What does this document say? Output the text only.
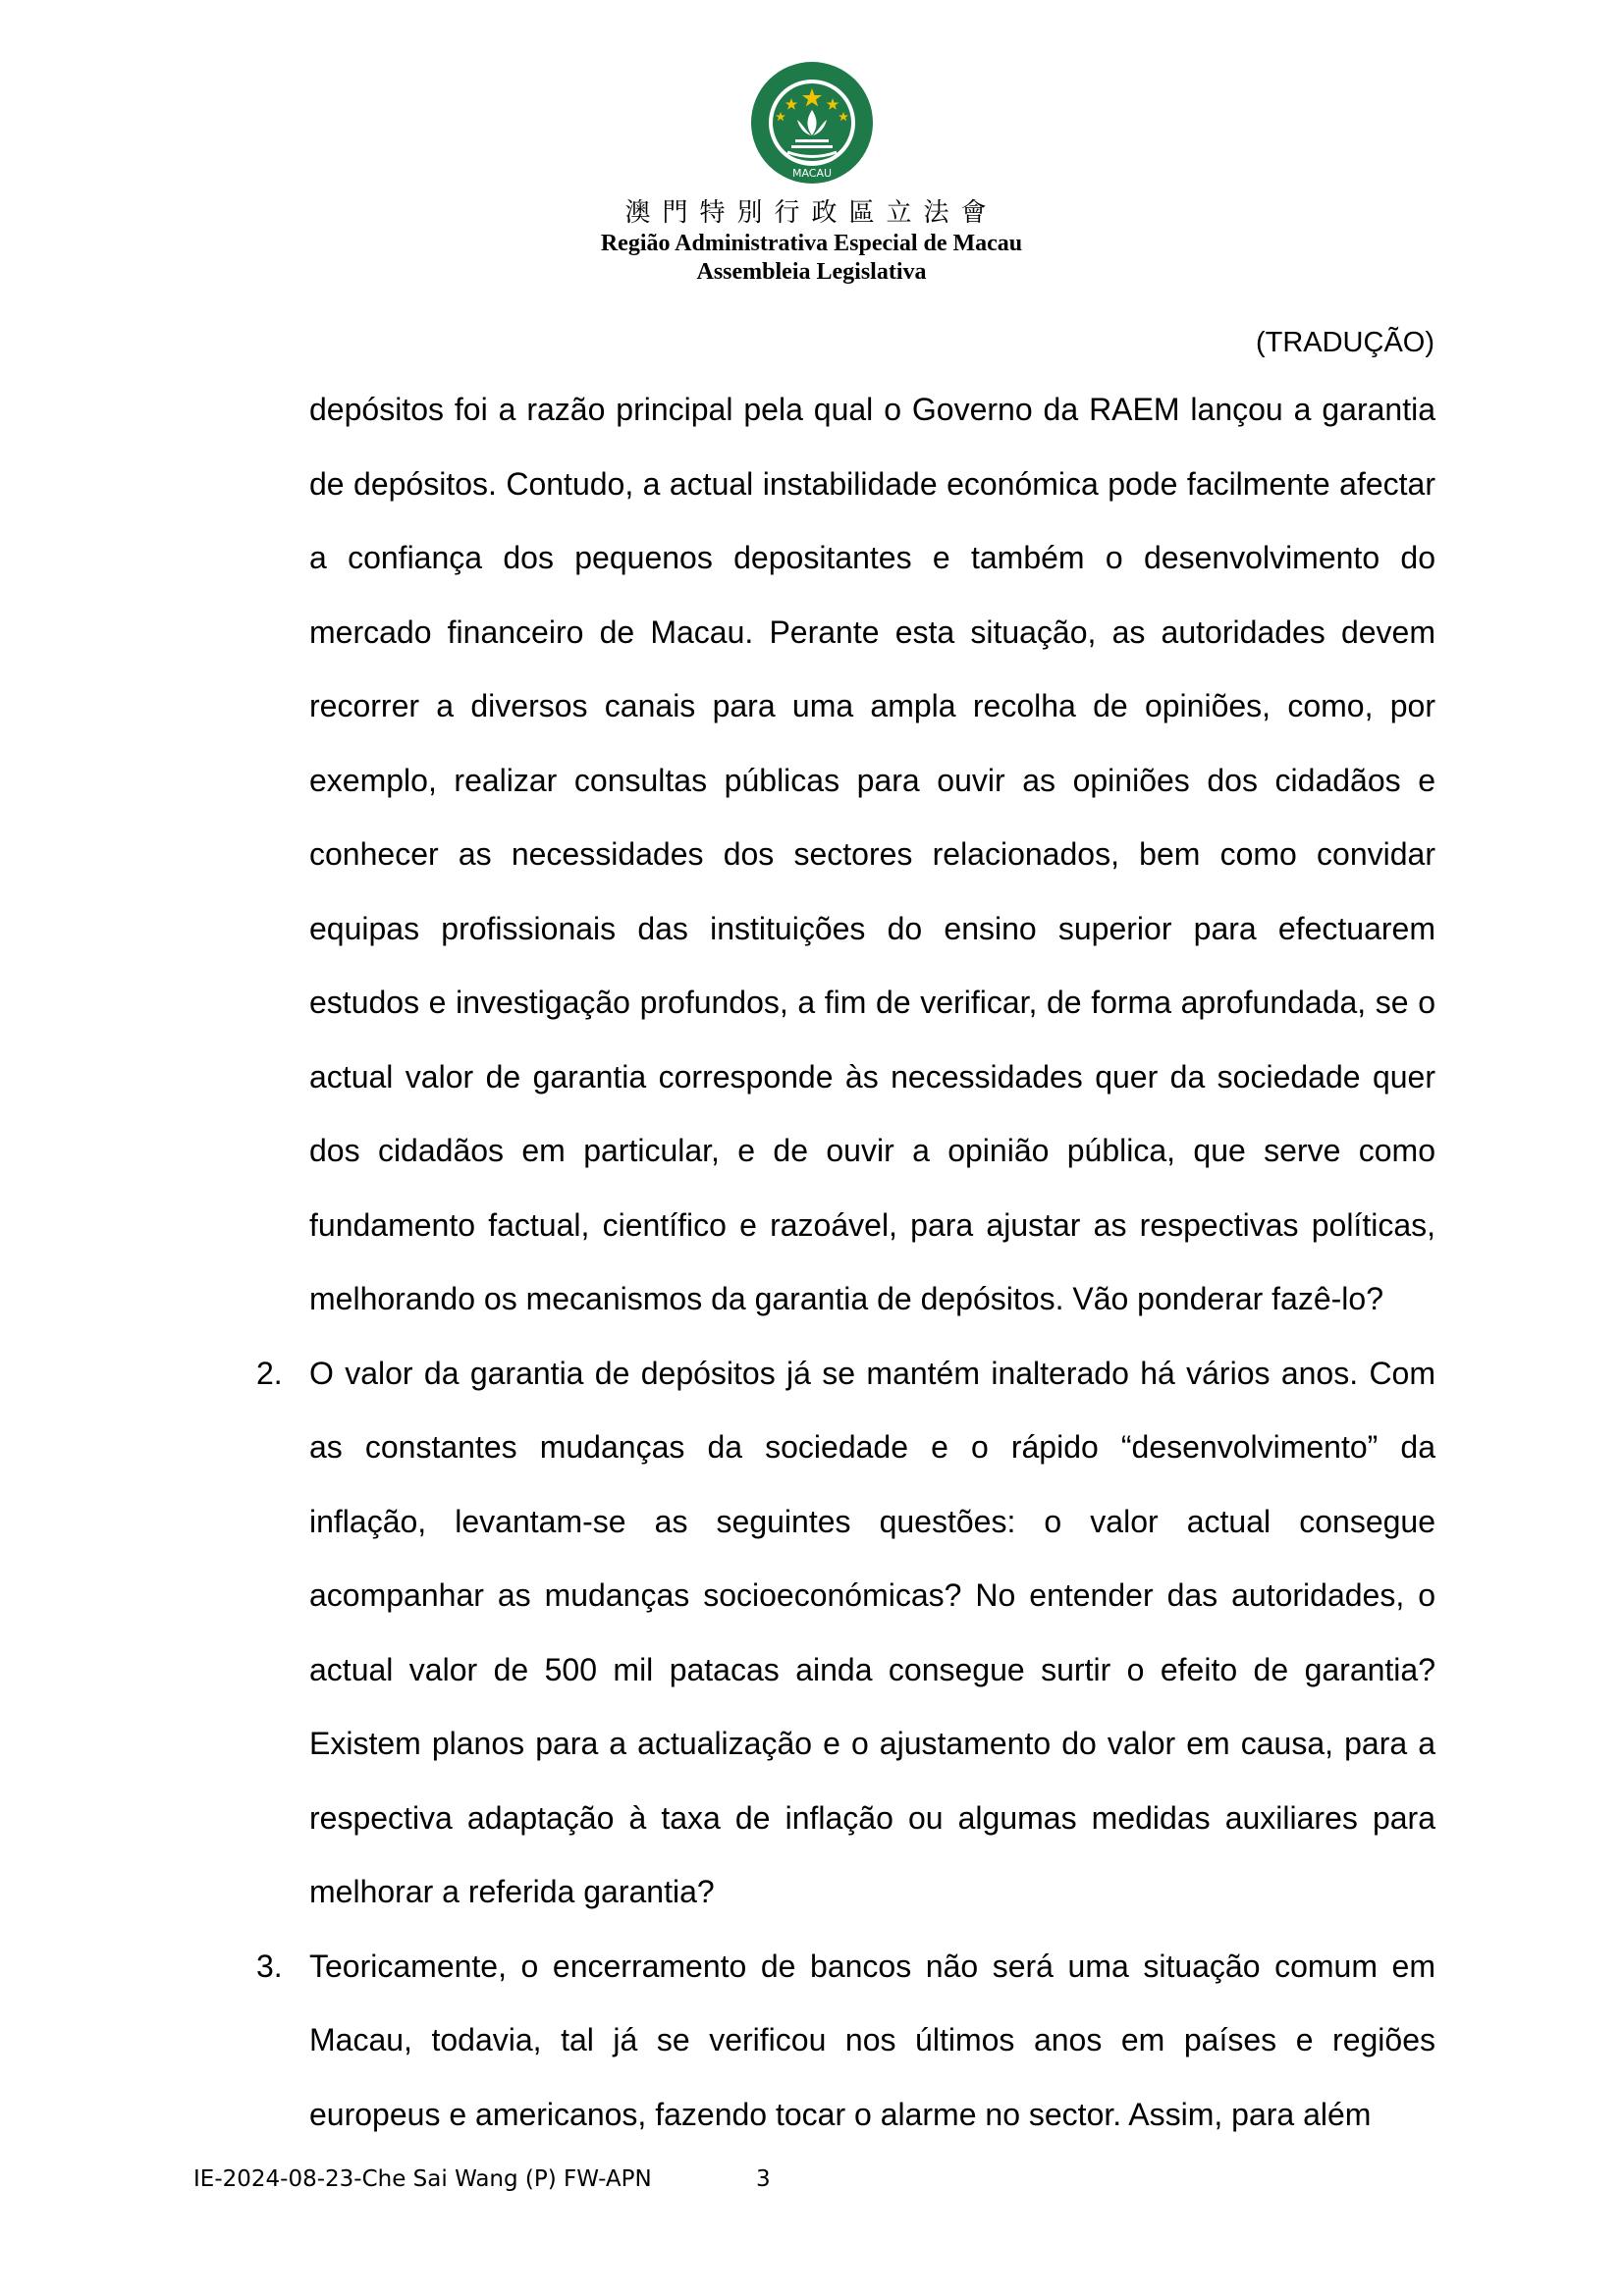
MACAU
澳門特別行政區立法會
Região Administrativa Especial de Macau
Assembleia Legislativa
(TRADUÇÃO)

depósitos foi a razão principal pela qual o Governo da RAEM lançou a garantia de depósitos. Contudo, a actual instabilidade económica pode facilmente afectar a confiança dos pequenos depositantes e também o desenvolvimento do mercado financeiro de Macau. Perante esta situação, as autoridades devem recorrer a diversos canais para uma ampla recolha de opiniões, como, por exemplo, realizar consultas públicas para ouvir as opiniões dos cidadãos e conhecer as necessidades dos sectores relacionados, bem como convidar equipas profissionais das instituições do ensino superior para efectuarem estudos e investigação profundos, a fim de verificar, de forma aprofundada, se o actual valor de garantia corresponde às necessidades quer da sociedade quer dos cidadãos em particular, e de ouvir a opinião pública, que serve como fundamento factual, científico e razoável, para ajustar as respectivas políticas, melhorando os mecanismos da garantia de depósitos. Vão ponderar fazê-lo?

2. O valor da garantia de depósitos já se mantém inalterado há vários anos. Com as constantes mudanças da sociedade e o rápido “desenvolvimento” da inflação, levantam-se as seguintes questões: o valor actual consegue acompanhar as mudanças socioeconómicas? No entender das autoridades, o actual valor de 500 mil patacas ainda consegue surtir o efeito de garantia? Existem planos para a actualização e o ajustamento do valor em causa, para a respectiva adaptação à taxa de inflação ou algumas medidas auxiliares para melhorar a referida garantia?

3. Teoricamente, o encerramento de bancos não será uma situação comum em Macau, todavia, tal já se verificou nos últimos anos em países e regiões europeus e americanos, fazendo tocar o alarme no sector. Assim, para além

IE-2024-08-23-Che Sai Wang (P) FW-APN	3
